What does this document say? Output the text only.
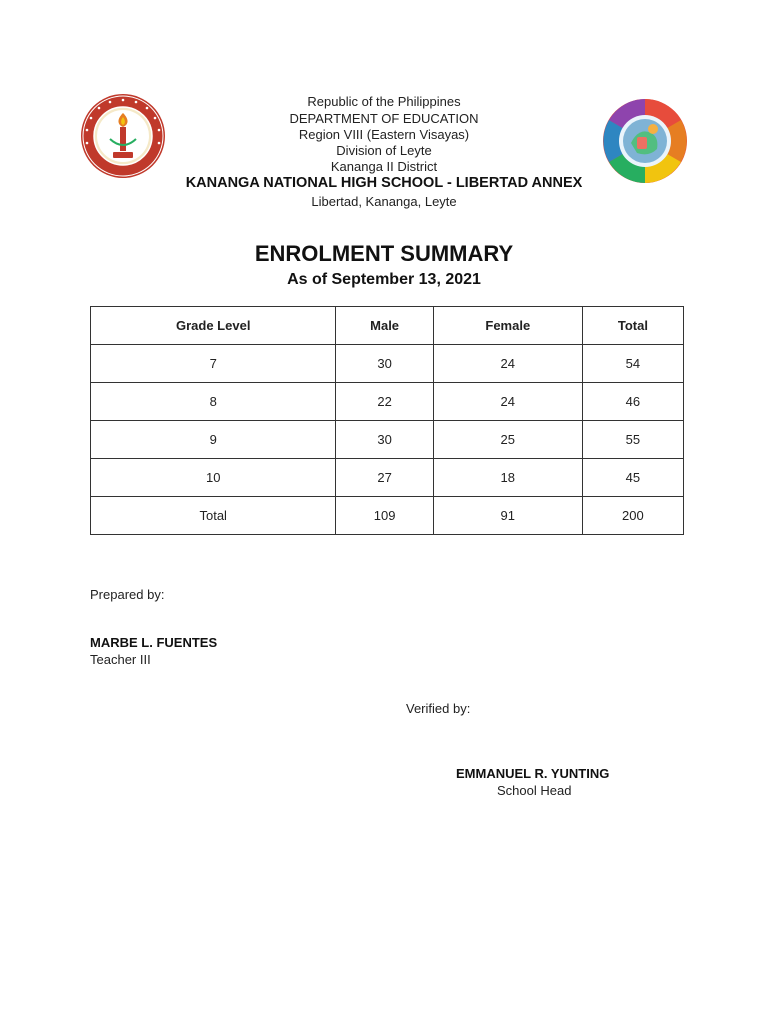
Republic of the Philippines
DEPARTMENT OF EDUCATION
Region VIII (Eastern Visayas)
Division of Leyte
Kananga II District
KANANGA NATIONAL HIGH SCHOOL - LIBERTAD ANNEX
Libertad, Kananga, Leyte
ENROLMENT SUMMARY
As of September 13, 2021
Grade Level	Male	Female	Total
7	30	24	54
8	22	24	46
9	30	25	55
10	27	18	45
Total	109	91	200
Prepared by:
MARBE L. FUENTES
Teacher III
Verified by:
EMMANUEL R. YUNTING
School Head
